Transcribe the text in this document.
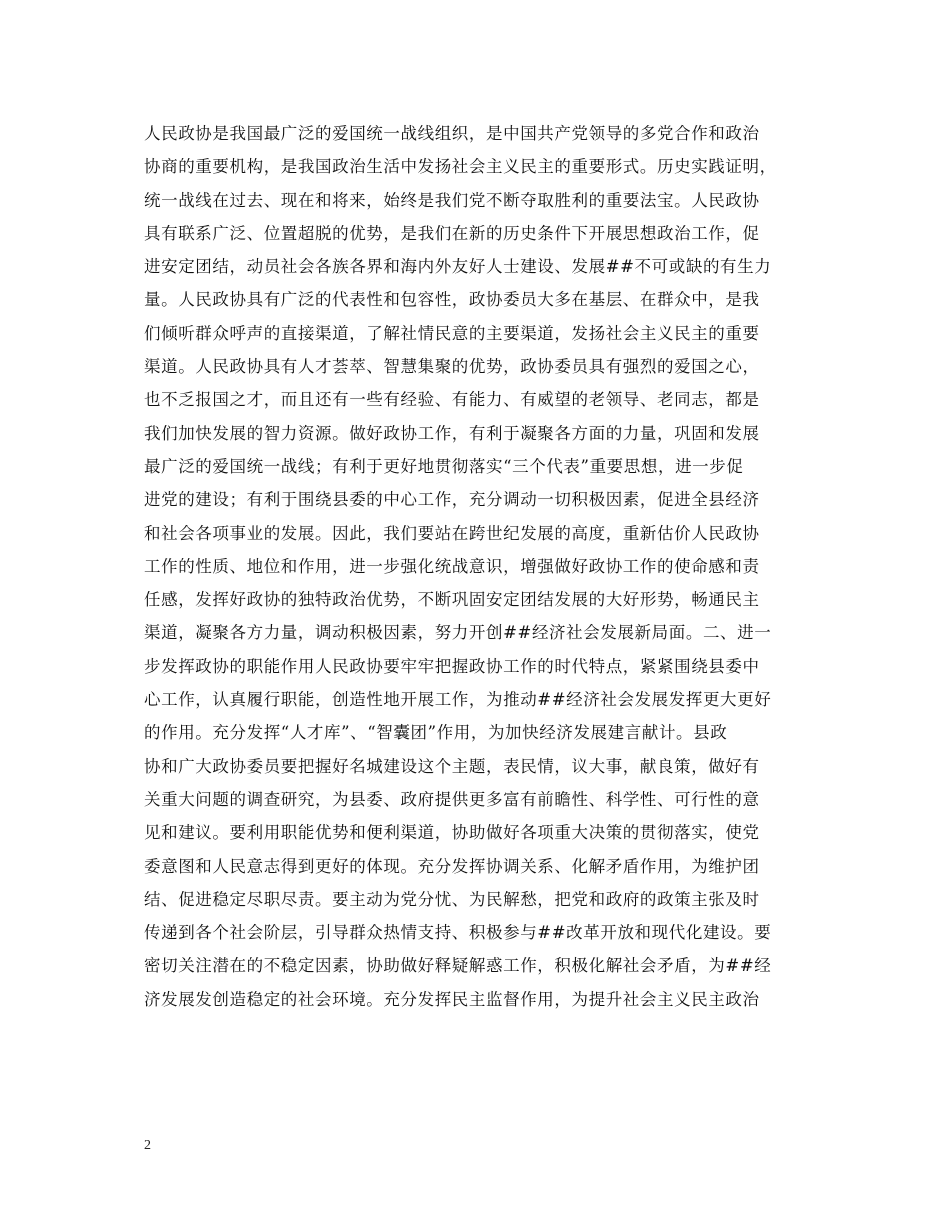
人民政协是我国最广泛的爱国统一战线组织，是中国共产党领导的多党合作和政治
协商的重要机构，是我国政治生活中发扬社会主义民主的重要形式。历史实践证明，
统一战线在过去、现在和将来，始终是我们党不断夺取胜利的重要法宝。人民政协
具有联系广泛、位置超脱的优势，是我们在新的历史条件下开展思想政治工作，促
进安定团结，动员社会各族各界和海内外友好人士建设、发展##不可或缺的有生力
量。人民政协具有广泛的代表性和包容性，政协委员大多在基层、在群众中，是我
们倾听群众呼声的直接渠道，了解社情民意的主要渠道，发扬社会主义民主的重要
渠道。人民政协具有人才荟萃、智慧集聚的优势，政协委员具有强烈的爱国之心，
也不乏报国之才，而且还有一些有经验、有能力、有威望的老领导、老同志，都是
我们加快发展的智力资源。做好政协工作，有利于凝聚各方面的力量，巩固和发展
最广泛的爱国统一战线；有利于更好地贯彻落实“三个代表”重要思想，进一步促
进党的建设；有利于围绕县委的中心工作，充分调动一切积极因素，促进全县经济
和社会各项事业的发展。因此，我们要站在跨世纪发展的高度，重新估价人民政协
工作的性质、地位和作用，进一步强化统战意识，增强做好政协工作的使命感和责
任感，发挥好政协的独特政治优势，不断巩固安定团结发展的大好形势，畅通民主
渠道，凝聚各方力量，调动积极因素，努力开创##经济社会发展新局面。二、进一
步发挥政协的职能作用人民政协要牢牢把握政协工作的时代特点，紧紧围绕县委中
心工作，认真履行职能，创造性地开展工作，为推动##经济社会发展发挥更大更好
的作用。充分发挥“人才库”、“智囊团”作用，为加快经济发展建言献计。县政
协和广大政协委员要把握好名城建设这个主题，表民情，议大事，献良策，做好有
关重大问题的调查研究，为县委、政府提供更多富有前瞻性、科学性、可行性的意
见和建议。要利用职能优势和便利渠道，协助做好各项重大决策的贯彻落实，使党
委意图和人民意志得到更好的体现。充分发挥协调关系、化解矛盾作用，为维护团
结、促进稳定尽职尽责。要主动为党分忧、为民解愁，把党和政府的政策主张及时
传递到各个社会阶层，引导群众热情支持、积极参与##改革开放和现代化建设。要
密切关注潜在的不稳定因素，协助做好释疑解惑工作，积极化解社会矛盾，为##经
济发展发创造稳定的社会环境。充分发挥民主监督作用，为提升社会主义民主政治
2
